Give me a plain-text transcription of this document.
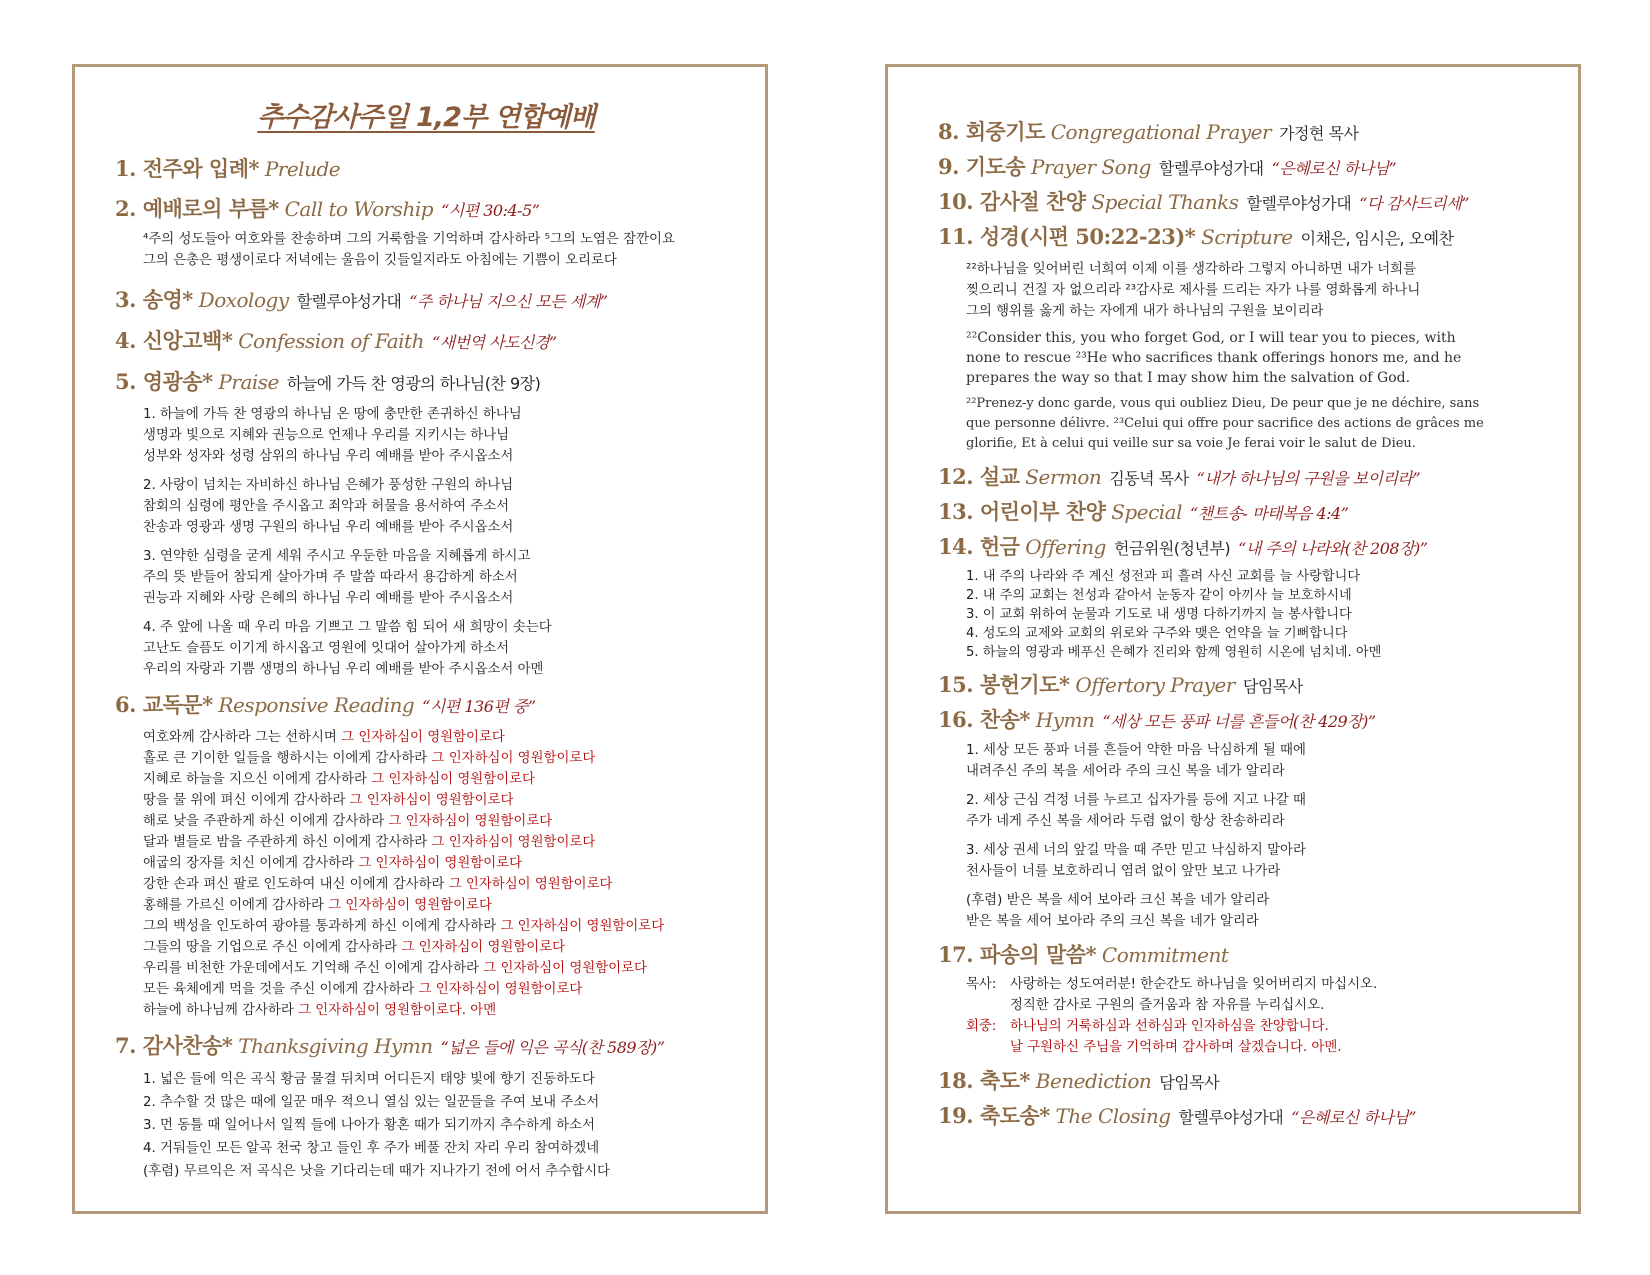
추수감사주일 1,2부 연합예배
1. 전주와 입례* Prelude
2. 예배로의 부름* Call to Worship “시편 30:4-5”
⁴주의 성도들아 여호와를 찬송하며 그의 거룩함을 기억하며 감사하라 ⁵그의 노염은 잠깐이요
그의 은총은 평생이로다 저녁에는 울음이 깃들일지라도 아침에는 기쁨이 오리로다
3. 송영* Doxology 할렐루야성가대 “주 하나님 지으신 모든 세계”
4. 신앙고백* Confession of Faith “새번역 사도신경”
5. 영광송* Praise 하늘에 가득 찬 영광의 하나님(찬 9장)
1. 하늘에 가득 찬 영광의 하나님 온 땅에 충만한 존귀하신 하나님
생명과 빛으로 지혜와 권능으로 언제나 우리를 지키시는 하나님
성부와 성자와 성령 삼위의 하나님 우리 예배를 받아 주시옵소서
2. 사랑이 넘치는 자비하신 하나님 은혜가 풍성한 구원의 하나님
참회의 심령에 평안을 주시옵고 죄악과 허물을 용서하여 주소서
찬송과 영광과 생명 구원의 하나님 우리 예배를 받아 주시옵소서
3. 연약한 심령을 굳게 세워 주시고 우둔한 마음을 지혜롭게 하시고
주의 뜻 받들어 참되게 살아가며 주 말씀 따라서 용감하게 하소서
권능과 지혜와 사랑 은혜의 하나님 우리 예배를 받아 주시옵소서
4. 주 앞에 나올 때 우리 마음 기쁘고 그 말씀 힘 되어 새 희망이 솟는다
고난도 슬픔도 이기게 하시옵고 영원에 잇대어 살아가게 하소서
우리의 자랑과 기쁨 생명의 하나님 우리 예배를 받아 주시옵소서 아멘
6. 교독문* Responsive Reading “시편 136편 중”
여호와께 감사하라 그는 선하시며 그 인자하심이 영원함이로다
홀로 큰 기이한 일들을 행하시는 이에게 감사하라 그 인자하심이 영원함이로다
지혜로 하늘을 지으신 이에게 감사하라 그 인자하심이 영원함이로다
땅을 물 위에 펴신 이에게 감사하라 그 인자하심이 영원함이로다
해로 낮을 주관하게 하신 이에게 감사하라 그 인자하심이 영원함이로다
달과 별들로 밤을 주관하게 하신 이에게 감사하라 그 인자하심이 영원함이로다
애굽의 장자를 치신 이에게 감사하라 그 인자하심이 영원함이로다
강한 손과 펴신 팔로 인도하여 내신 이에게 감사하라 그 인자하심이 영원함이로다
홍해를 가르신 이에게 감사하라 그 인자하심이 영원함이로다
그의 백성을 인도하여 광야를 통과하게 하신 이에게 감사하라 그 인자하심이 영원함이로다
그들의 땅을 기업으로 주신 이에게 감사하라 그 인자하심이 영원함이로다
우리를 비천한 가운데에서도 기억해 주신 이에게 감사하라 그 인자하심이 영원함이로다
모든 육체에게 먹을 것을 주신 이에게 감사하라 그 인자하심이 영원함이로다
하늘에 하나님께 감사하라 그 인자하심이 영원함이로다. 아멘
7. 감사찬송* Thanksgiving Hymn “넓은 들에 익은 곡식(찬 589장)”
1. 넓은 들에 익은 곡식 황금 물결 뒤치며 어디든지 태양 빛에 향기 진동하도다
2. 추수할 것 많은 때에 일꾼 매우 적으니 열심 있는 일꾼들을 주여 보내 주소서
3. 먼 동틀 때 일어나서 일찍 들에 나아가 황혼 때가 되기까지 추수하게 하소서
4. 거둬들인 모든 알곡 천국 창고 들인 후 주가 베풀 잔치 자리 우리 참여하겠네
(후렴) 무르익은 저 곡식은 낫을 기다리는데 때가 지나가기 전에 어서 추수합시다
8. 회중기도 Congregational Prayer 가정현 목사
9. 기도송 Prayer Song 할렐루야성가대 “은혜로신 하나님”
10. 감사절 찬양 Special Thanks 할렐루야성가대 “다 감사드리세”
11. 성경(시편 50:22-23)* Scripture 이채은, 임시은, 오예찬
²²하나님을 잊어버린 너희여 이제 이를 생각하라 그렇지 아니하면 내가 너희를
찢으리니 건질 자 없으리라 ²³감사로 제사를 드리는 자가 나를 영화롭게 하나니
그의 행위를 옳게 하는 자에게 내가 하나님의 구원을 보이리라
²²Consider this, you who forget God, or I will tear you to pieces, with
none to rescue ²³He who sacrifices thank offerings honors me, and he
prepares the way so that I may show him the salvation of God.
²²Prenez-y donc garde, vous qui oubliez Dieu, De peur que je ne déchire, sans
que personne délivre. ²³Celui qui offre pour sacrifice des actions de grâces me
glorifie, Et à celui qui veille sur sa voie Je ferai voir le salut de Dieu.
12. 설교 Sermon 김동녁 목사 “내가 하나님의 구원을 보이리라”
13. 어린이부 찬양 Special “챈트송- 마태복음 4:4”
14. 헌금 Offering 헌금위원(청년부) “내 주의 나라와(찬 208장)”
1. 내 주의 나라와 주 계신 성전과 피 흘려 사신 교회를 늘 사랑합니다
2. 내 주의 교회는 천성과 같아서 눈동자 같이 아끼사 늘 보호하시네
3. 이 교회 위하여 눈물과 기도로 내 생명 다하기까지 늘 봉사합니다
4. 성도의 교제와 교회의 위로와 구주와 맺은 언약을 늘 기뻐합니다
5. 하늘의 영광과 베푸신 은혜가 진리와 함께 영원히 시온에 넘치네. 아멘
15. 봉헌기도* Offertory Prayer 담임목사
16. 찬송* Hymn “세상 모든 풍파 너를 흔들어(찬 429장)”
1. 세상 모든 풍파 너를 흔들어 약한 마음 낙심하게 될 때에
내려주신 주의 복을 세어라 주의 크신 복을 네가 알리라
2. 세상 근심 걱정 너를 누르고 십자가를 등에 지고 나갈 때
주가 네게 주신 복을 세어라 두렴 없이 항상 찬송하리라
3. 세상 권세 너의 앞길 막을 때 주만 믿고 낙심하지 말아라
천사들이 너를 보호하리니 염려 없이 앞만 보고 나가라
(후렴) 받은 복을 세어 보아라 크신 복을 네가 알리라
받은 복을 세어 보아라 주의 크신 복을 네가 알리라
17. 파송의 말씀* Commitment
목사:	사랑하는 성도여러분! 한순간도 하나님을 잊어버리지 마십시오.
정직한 감사로 구원의 즐거움과 참 자유를 누리십시오.
회중:	하나님의 거룩하심과 선하심과 인자하심을 찬양합니다.
날 구원하신 주님을 기억하며 감사하며 살겠습니다. 아멘.
18. 축도* Benediction 담임목사
19. 축도송* The Closing 할렐루야성가대 “은혜로신 하나님”
